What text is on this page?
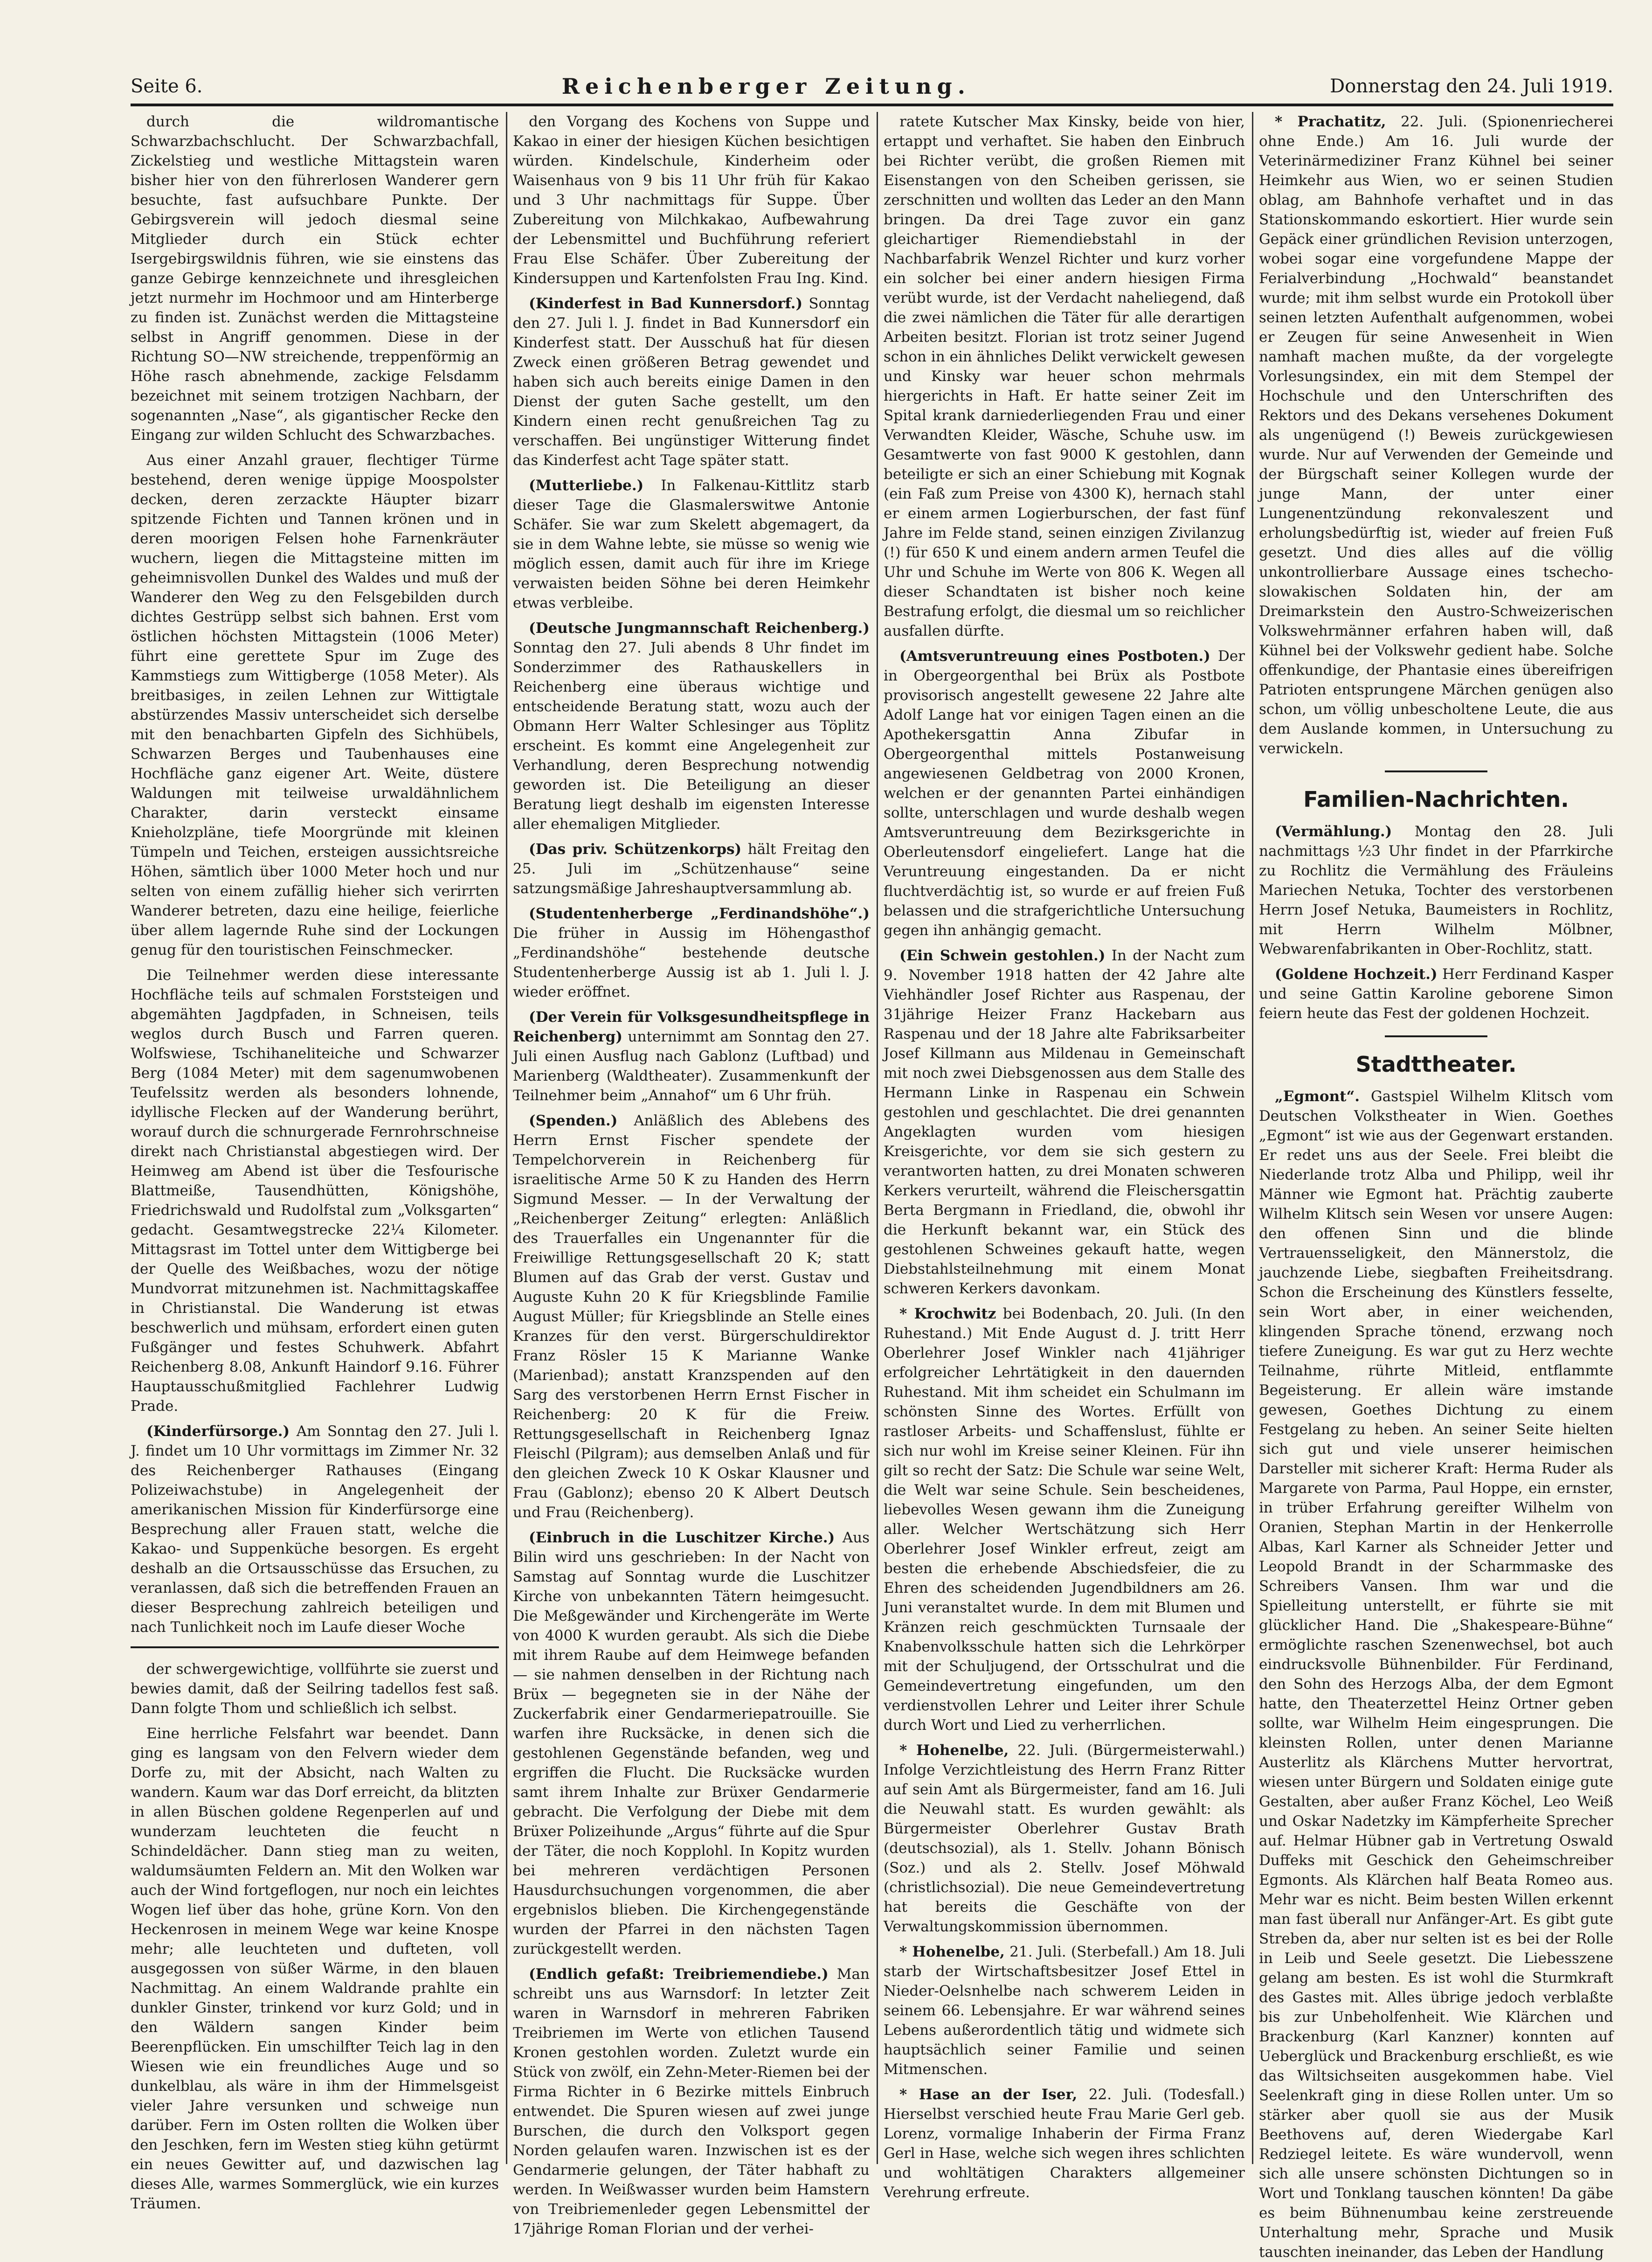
Seite 6.	Reichenberger Zeitung.	Donnerstag den 24. Juli 1919.

durch die wildromantische Schwarzbachschlucht. Der Schwarzbachfall, Zickelstieg und westliche Mittagstein waren bisher hier von den führerlosen Wanderer gern besuchte, fast aufsuchbare Punkte. Der Gebirgsverein will jedoch diesmal seine Mitglieder durch ein Stück echter Isergebirgswildnis führen, wie sie einstens das ganze Gebirge kennzeichnete und ihresgleichen jetzt nurmehr im Hochmoor und am Hinterberge zu finden ist. Zunächst werden die Mittagsteine selbst in Angriff genommen. Diese in der Richtung SO—NW streichende, treppenförmig an Höhe rasch abnehmende, zackige Felsdamm bezeichnet mit seinem trotzigen Nachbarn, der sogenannten „Nase“, als gigantischer Recke den Eingang zur wilden Schlucht des Schwarzbaches.

Aus einer Anzahl grauer, flechtiger Türme bestehend, deren wenige üppige Moospolster decken, deren zerzackte Häupter bizarr spitzende Fichten und Tannen krönen und in deren moorigen Felsen hohe Farnenkräuter wuchern, liegen die Mittagsteine mitten im geheimnisvollen Dunkel des Waldes und muß der Wanderer den Weg zu den Felsgebilden durch dichtes Gestrüpp selbst sich bahnen. Erst vom östlichen höchsten Mittagstein (1006 Meter) führt eine gerettete Spur im Zuge des Kammstiegs zum Wittigberge (1058 Meter). Als breitbasiges, in zeilen Lehnen zur Wittigtale abstürzendes Massiv unterscheidet sich derselbe mit den benachbarten Gipfeln des Sichhübels, Schwarzen Berges und Taubenhauses eine Hochfläche ganz eigener Art. Weite, düstere Waldungen mit teilweise urwaldähnlichem Charakter, darin versteckt einsame Knieholzpläne, tiefe Moorgründe mit kleinen Tümpeln und Teichen, ersteigen aussichtsreiche Höhen, sämtlich über 1000 Meter hoch und nur selten von einem zufällig hieher sich verirrten Wanderer betreten, dazu eine heilige, feierliche über allem lagernde Ruhe sind der Lockungen genug für den touristischen Feinschmecker.

Die Teilnehmer werden diese interessante Hochfläche teils auf schmalen Forststeigen und abgemähten Jagdpfaden, in Schneisen, teils weglos durch Busch und Farren queren. Wolfswiese, Tschihaneliteiche und Schwarzer Berg (1084 Meter) mit dem sagenumwobenen Teufelssitz werden als besonders lohnende, idyllische Flecken auf der Wanderung berührt, worauf durch die schnurgerade Fernrohrschneise direkt nach Christianstal abgestiegen wird. Der Heimweg am Abend ist über die Tesfourische Blattmeiße, Tausendhütten, Königshöhe, Friedrichswald und Rudolfstal zum „Volksgarten“ gedacht. Gesamtwegstrecke 22¼ Kilometer. Mittagsrast im Tottel unter dem Wittigberge bei der Quelle des Weißbaches, wozu der nötige Mundvorrat mitzunehmen ist. Nachmittagskaffee in Christianstal. Die Wanderung ist etwas beschwerlich und mühsam, erfordert einen guten Fußgänger und festes Schuhwerk. Abfahrt Reichenberg 8.08, Ankunft Haindorf 9.16. Führer Hauptausschußmitglied Fachlehrer Ludwig Prade.

(Kinderfürsorge.) Am Sonntag den 27. Juli l. J. findet um 10 Uhr vormittags im Zimmer Nr. 32 des Reichenberger Rathauses (Eingang Polizeiwachstube) in Angelegenheit der amerikanischen Mission für Kinderfürsorge eine Besprechung aller Frauen statt, welche die Kakao- und Suppenküche besorgen. Es ergeht deshalb an die Ortsausschüsse das Ersuchen, zu veranlassen, daß sich die betreffenden Frauen an dieser Besprechung zahlreich beteiligen und nach Tunlichkeit noch im Laufe dieser Woche

der schwergewichtige, vollführte sie zuerst und bewies damit, daß der Seilring tadellos fest saß. Dann folgte Thom und schließlich ich selbst.

Eine herrliche Felsfahrt war beendet. Dann ging es langsam von den Felvern wieder dem Dorfe zu, mit der Absicht, nach Walten zu wandern. Kaum war das Dorf erreicht, da blitzten in allen Büschen goldene Regenperlen auf und wunderzam leuchteten die feucht n Schindeldächer. Dann stieg man zu weiten, waldumsäumten Feldern an. Mit den Wolken war auch der Wind fortgeflogen, nur noch ein leichtes Wogen lief über das hohe, grüne Korn. Von den Heckenrosen in meinem Wege war keine Knospe mehr; alle leuchteten und dufteten, voll ausgegossen von süßer Wärme, in den blauen Nachmittag. An einem Waldrande prahlte ein dunkler Ginster, trinkend vor kurz Gold; und in den Wäldern sangen Kinder beim Beerenpflücken. Ein umschilfter Teich lag in den Wiesen wie ein freundliches Auge und so dunkelblau, als wäre in ihm der Himmelsgeist vieler Jahre versunken und schweige nun darüber. Fern im Osten rollten die Wolken über den Jeschken, fern im Westen stieg kühn getürmt ein neues Gewitter auf, und dazwischen lag dieses Alle, warmes Sommerglück, wie ein kurzes Träumen.

den Vorgang des Kochens von Suppe und Kakao in einer der hiesigen Küchen besichtigen würden. Kindelschule, Kinderheim oder Waisenhaus von 9 bis 11 Uhr früh für Kakao und 3 Uhr nachmittags für Suppe. Über Zubereitung von Milchkakao, Aufbewahrung der Lebensmittel und Buchführung referiert Frau Else Schäfer. Über Zubereitung der Kindersuppen und Kartenfolsten Frau Ing. Kind.

(Kinderfest in Bad Kunnersdorf.) Sonntag den 27. Juli l. J. findet in Bad Kunnersdorf ein Kinderfest statt. Der Ausschuß hat für diesen Zweck einen größeren Betrag gewendet und haben sich auch bereits einige Damen in den Dienst der guten Sache gestellt, um den Kindern einen recht genußreichen Tag zu verschaffen. Bei ungünstiger Witterung findet das Kinderfest acht Tage später statt.

(Mutterliebe.) In Falkenau-Kittlitz starb dieser Tage die Glasmalerswitwe Antonie Schäfer. Sie war zum Skelett abgemagert, da sie in dem Wahne lebte, sie müsse so wenig wie möglich essen, damit auch für ihre im Kriege verwaisten beiden Söhne bei deren Heimkehr etwas verbleibe.

(Deutsche Jungmannschaft Reichenberg.) Sonntag den 27. Juli abends 8 Uhr findet im Sonderzimmer des Rathauskellers in Reichenberg eine überaus wichtige und entscheidende Beratung statt, wozu auch der Obmann Herr Walter Schlesinger aus Töplitz erscheint. Es kommt eine Angelegenheit zur Verhandlung, deren Besprechung notwendig geworden ist. Die Beteiligung an dieser Beratung liegt deshalb im eigensten Interesse aller ehemaligen Mitglieder.

(Das priv. Schützenkorps) hält Freitag den 25. Juli im „Schützenhause“ seine satzungsmäßige Jahreshauptversammlung ab.

(Studentenherberge „Ferdinandshöhe“.) Die früher in Aussig im Höhengasthof „Ferdinandshöhe“ bestehende deutsche Studentenherberge Aussig ist ab 1. Juli l. J. wieder eröffnet.

(Der Verein für Volksgesundheitspflege in Reichenberg) unternimmt am Sonntag den 27. Juli einen Ausflug nach Gablonz (Luftbad) und Marienberg (Waldtheater). Zusammenkunft der Teilnehmer beim „Annahof“ um 6 Uhr früh.

(Spenden.) Anläßlich des Ablebens des Herrn Ernst Fischer spendete der Tempelchorverein in Reichenberg für israelitische Arme 50 K zu Handen des Herrn Sigmund Messer. — In der Verwaltung der „Reichenberger Zeitung“ erlegten: Anläßlich des Trauerfalles ein Ungenannter für die Freiwillige Rettungsgesellschaft 20 K; statt Blumen auf das Grab der verst. Gustav und Auguste Kuhn 20 K für Kriegsblinde Familie August Müller; für Kriegsblinde an Stelle eines Kranzes für den verst. Bürgerschuldirektor Franz Rösler 15 K Marianne Wanke (Marienbad); anstatt Kranzspenden auf den Sarg des verstorbenen Herrn Ernst Fischer in Reichenberg: 20 K für die Freiw. Rettungsgesellschaft in Reichenberg Ignaz Fleischl (Pilgram); aus demselben Anlaß und für den gleichen Zweck 10 K Oskar Klausner und Frau (Gablonz); ebenso 20 K Albert Deutsch und Frau (Reichenberg).

(Einbruch in die Luschitzer Kirche.) Aus Bilin wird uns geschrieben: In der Nacht von Samstag auf Sonntag wurde die Luschitzer Kirche von unbekannten Tätern heimgesucht. Die Meßgewänder und Kirchengeräte im Werte von 4000 K wurden geraubt. Als sich die Diebe mit ihrem Raube auf dem Heimwege befanden — sie nahmen denselben in der Richtung nach Brüx — begegneten sie in der Nähe der Zuckerfabrik einer Gendarmeriepatrouille. Sie warfen ihre Rucksäcke, in denen sich die gestohlenen Gegenstände befanden, weg und ergriffen die Flucht. Die Rucksäcke wurden samt ihrem Inhalte zur Brüxer Gendarmerie gebracht. Die Verfolgung der Diebe mit dem Brüxer Polizeihunde „Argus“ führte auf die Spur der Täter, die noch Kopplohl. In Kopitz wurden bei mehreren verdächtigen Personen Hausdurchsuchungen vorgenommen, die aber ergebnislos blieben. Die Kirchengegenstände wurden der Pfarrei in den nächsten Tagen zurückgestellt werden.

(Endlich gefaßt: Treibriemendiebe.) Man schreibt uns aus Warnsdorf: In letzter Zeit waren in Warnsdorf in mehreren Fabriken Treibriemen im Werte von etlichen Tausend Kronen gestohlen worden. Zuletzt wurde ein Stück von zwölf, ein Zehn-Meter-Riemen bei der Firma Richter in 6 Bezirke mittels Einbruch entwendet. Die Spuren wiesen auf zwei junge Burschen, die durch den Volksport gegen Norden gelaufen waren. Inzwischen ist es der Gendarmerie gelungen, der Täter habhaft zu werden. In Weißwasser wurden beim Hamstern von Treibriemenleder gegen Lebensmittel der 17jährige Roman Florian und der verhei-

ratete Kutscher Max Kinsky, beide von hier, ertappt und verhaftet. Sie haben den Einbruch bei Richter verübt, die großen Riemen mit Eisenstangen von den Scheiben gerissen, sie zerschnitten und wollten das Leder an den Mann bringen. Da drei Tage zuvor ein ganz gleichartiger Riemendiebstahl in der Nachbarfabrik Wenzel Richter und kurz vorher ein solcher bei einer andern hiesigen Firma verübt wurde, ist der Verdacht naheliegend, daß die zwei nämlichen die Täter für alle derartigen Arbeiten besitzt. Florian ist trotz seiner Jugend schon in ein ähnliches Delikt verwickelt gewesen und Kinsky war heuer schon mehrmals hiergerichts in Haft. Er hatte seiner Zeit im Spital krank darniederliegenden Frau und einer Verwandten Kleider, Wäsche, Schuhe usw. im Gesamtwerte von fast 9000 K gestohlen, dann beteiligte er sich an einer Schiebung mit Kognak (ein Faß zum Preise von 4300 K), hernach stahl er einem armen Logierburschen, der fast fünf Jahre im Felde stand, seinen einzigen Zivilanzug (!) für 650 K und einem andern armen Teufel die Uhr und Schuhe im Werte von 806 K. Wegen all dieser Schandtaten ist bisher noch keine Bestrafung erfolgt, die diesmal um so reichlicher ausfallen dürfte.

(Amtsveruntreuung eines Postboten.) Der in Obergeorgenthal bei Brüx als Postbote provisorisch angestellt gewesene 22 Jahre alte Adolf Lange hat vor einigen Tagen einen an die Apothekersgattin Anna Zibufar in Obergeorgenthal mittels Postanweisung angewiesenen Geldbetrag von 2000 Kronen, welchen er der genannten Partei einhändigen sollte, unterschlagen und wurde deshalb wegen Amtsveruntreuung dem Bezirksgerichte in Oberleutensdorf eingeliefert. Lange hat die Veruntreuung eingestanden. Da er nicht fluchtverdächtig ist, so wurde er auf freien Fuß belassen und die strafgerichtliche Untersuchung gegen ihn anhängig gemacht.

(Ein Schwein gestohlen.) In der Nacht zum 9. November 1918 hatten der 42 Jahre alte Viehhändler Josef Richter aus Raspenau, der 31jährige Heizer Franz Hackebarn aus Raspenau und der 18 Jahre alte Fabriksarbeiter Josef Killmann aus Mildenau in Gemeinschaft mit noch zwei Diebsgenossen aus dem Stalle des Hermann Linke in Raspenau ein Schwein gestohlen und geschlachtet. Die drei genannten Angeklagten wurden vom hiesigen Kreisgerichte, vor dem sie sich gestern zu verantworten hatten, zu drei Monaten schweren Kerkers verurteilt, während die Fleischersgattin Berta Bergmann in Friedland, die, obwohl ihr die Herkunft bekannt war, ein Stück des gestohlenen Schweines gekauft hatte, wegen Diebstahlsteilnehmung mit einem Monat schweren Kerkers davonkam.

* Krochwitz bei Bodenbach, 20. Juli. (In den Ruhestand.) Mit Ende August d. J. tritt Herr Oberlehrer Josef Winkler nach 41jähriger erfolgreicher Lehrtätigkeit in den dauernden Ruhestand. Mit ihm scheidet ein Schulmann im schönsten Sinne des Wortes. Erfüllt von rastloser Arbeits- und Schaffenslust, fühlte er sich nur wohl im Kreise seiner Kleinen. Für ihn gilt so recht der Satz: Die Schule war seine Welt, die Welt war seine Schule. Sein bescheidenes, liebevolles Wesen gewann ihm die Zuneigung aller. Welcher Wertschätzung sich Herr Oberlehrer Josef Winkler erfreut, zeigt am besten die erhebende Abschiedsfeier, die zu Ehren des scheidenden Jugendbildners am 26. Juni veranstaltet wurde. In dem mit Blumen und Kränzen reich geschmückten Turnsaale der Knabenvolksschule hatten sich die Lehrkörper mit der Schuljugend, der Ortsschulrat und die Gemeindevertretung eingefunden, um den verdienstvollen Lehrer und Leiter ihrer Schule durch Wort und Lied zu verherrlichen.

* Hohenelbe, 22. Juli. (Bürgermeisterwahl.) Infolge Verzichtleistung des Herrn Franz Ritter auf sein Amt als Bürgermeister, fand am 16. Juli die Neuwahl statt. Es wurden gewählt: als Bürgermeister Oberlehrer Gustav Brath (deutschsozial), als 1. Stellv. Johann Bönisch (Soz.) und als 2. Stellv. Josef Möhwald (christlichsozial). Die neue Gemeindevertretung hat bereits die Geschäfte von der Verwaltungskommission übernommen.

* Hohenelbe, 21. Juli. (Sterbefall.) Am 18. Juli starb der Wirtschaftsbesitzer Josef Ettel in Nieder-Oelsnhelbe nach schwerem Leiden in seinem 66. Lebensjahre. Er war während seines Lebens außerordentlich tätig und widmete sich hauptsächlich seiner Familie und seinen Mitmenschen.

* Hase an der Iser, 22. Juli. (Todesfall.) Hierselbst verschied heute Frau Marie Gerl geb. Lorenz, vormalige Inhaberin der Firma Franz Gerl in Hase, welche sich wegen ihres schlichten und wohltätigen Charakters allgemeiner Verehrung erfreute.

* Prachatitz, 22. Juli. (Spionenriecherei ohne Ende.) Am 16. Juli wurde der Veterinärmediziner Franz Kühnel bei seiner Heimkehr aus Wien, wo er seinen Studien oblag, am Bahnhofe verhaftet und in das Stationskommando eskortiert. Hier wurde sein Gepäck einer gründlichen Revision unterzogen, wobei sogar eine vorgefundene Mappe der Ferialverbindung „Hochwald“ beanstandet wurde; mit ihm selbst wurde ein Protokoll über seinen letzten Aufenthalt aufgenommen, wobei er Zeugen für seine Anwesenheit in Wien namhaft machen mußte, da der vorgelegte Vorlesungsindex, ein mit dem Stempel der Hochschule und den Unterschriften des Rektors und des Dekans versehenes Dokument als ungenügend (!) Beweis zurückgewiesen wurde. Nur auf Verwenden der Gemeinde und der Bürgschaft seiner Kollegen wurde der junge Mann, der unter einer Lungenentzündung rekonvaleszent und erholungsbedürftig ist, wieder auf freien Fuß gesetzt. Und dies alles auf die völlig unkontrollierbare Aussage eines tschecho-slowakischen Soldaten hin, der am Dreimarkstein den Austro-Schweizerischen Volkswehrmänner erfahren haben will, daß Kühnel bei der Volkswehr gedient habe. Solche offenkundige, der Phantasie eines übereifrigen Patrioten entsprungene Märchen genügen also schon, um völlig unbescholtene Leute, die aus dem Auslande kommen, in Untersuchung zu verwickeln.

Familien-Nachrichten.

(Vermählung.) Montag den 28. Juli nachmittags ½3 Uhr findet in der Pfarrkirche zu Rochlitz die Vermählung des Fräuleins Mariechen Netuka, Tochter des verstorbenen Herrn Josef Netuka, Baumeisters in Rochlitz, mit Herrn Wilhelm Mölbner, Webwarenfabrikanten in Ober-Rochlitz, statt.

(Goldene Hochzeit.) Herr Ferdinand Kasper und seine Gattin Karoline geborene Simon feiern heute das Fest der goldenen Hochzeit.

Stadttheater.

„Egmont“. Gastspiel Wilhelm Klitsch vom Deutschen Volkstheater in Wien. Goethes „Egmont“ ist wie aus der Gegenwart erstanden. Er redet uns aus der Seele. Frei bleibt die Niederlande trotz Alba und Philipp, weil ihr Männer wie Egmont hat. Prächtig zauberte Wilhelm Klitsch sein Wesen vor unsere Augen: den offenen Sinn und die blinde Vertrauensseligkeit, den Männerstolz, die jauchzende Liebe, siegbaften Freiheitsdrang. Schon die Erscheinung des Künstlers fesselte, sein Wort aber, in einer weichenden, klingenden Sprache tönend, erzwang noch tiefere Zuneigung. Es war gut zu Herz wechte Teilnahme, rührte Mitleid, entflammte Begeisterung. Er allein wäre imstande gewesen, Goethes Dichtung zu einem Festgelang zu heben. An seiner Seite hielten sich gut und viele unserer heimischen Darsteller mit sicherer Kraft: Herma Ruder als Margarete von Parma, Paul Hoppe, ein ernster, in trüber Erfahrung gereifter Wilhelm von Oranien, Stephan Martin in der Henkerrolle Albas, Karl Karner als Schneider Jetter und Leopold Brandt in der Scharmmaske des Schreibers Vansen. Ihm war und die Spielleitung unterstellt, er führte sie mit glücklicher Hand. Die „Shakespeare-Bühne“ ermöglichte raschen Szenenwechsel, bot auch eindrucksvolle Bühnenbilder. Für Ferdinand, den Sohn des Herzogs Alba, der dem Egmont hatte, den Theaterzettel Heinz Ortner geben sollte, war Wilhelm Heim eingesprungen. Die kleinsten Rollen, unter denen Marianne Austerlitz als Klärchens Mutter hervortrat, wiesen unter Bürgern und Soldaten einige gute Gestalten, aber außer Franz Köchel, Leo Weiß und Oskar Nadetzky im Kämpferheite Sprecher auf. Helmar Hübner gab in Vertretung Oswald Duffeks mit Geschick den Geheimschreiber Egmonts. Als Klärchen half Beata Romeo aus. Mehr war es nicht. Beim besten Willen erkennt man fast überall nur Anfänger-Art. Es gibt gute Streben da, aber nur selten ist es bei der Rolle in Leib und Seele gesetzt. Die Liebesszene gelang am besten. Es ist wohl die Sturmkraft des Gastes mit. Alles übrige jedoch verblaßte bis zur Unbeholfenheit. Wie Klärchen und Brackenburg (Karl Kanzner) konnten auf Ueberglück und Brackenburg erschließt, es wie das Wiltsichseiten ausgekommen habe. Viel Seelenkraft ging in diese Rollen unter. Um so stärker aber quoll sie aus der Musik Beethovens auf, deren Wiedergabe Karl Redziegel leitete. Es wäre wundervoll, wenn sich alle unsere schönsten Dichtungen so in Wort und Tonklang tauschen könnten! Da gäbe es beim Bühnenumbau keine zerstreuende Unterhaltung mehr, Sprache und Musik tauschten ineinander, das Leben der Handlung
